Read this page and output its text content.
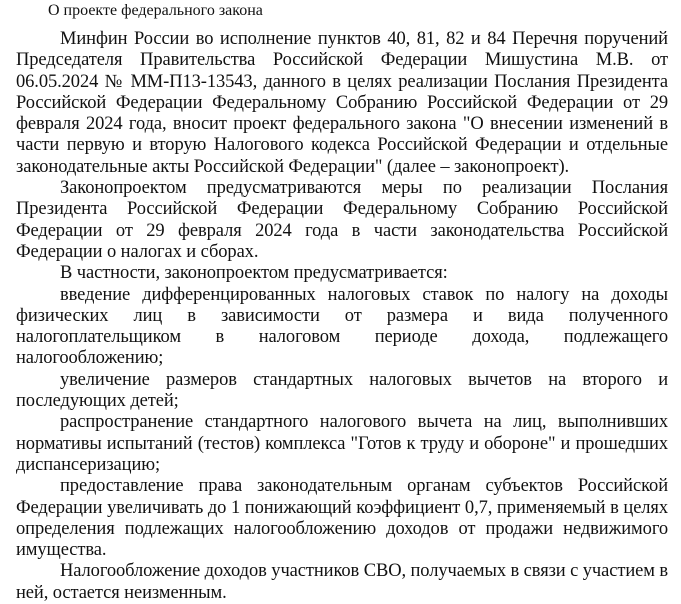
О проекте федерального закона

Минфин России во исполнение пунктов 40, 81, 82 и 84 Перечня поручений Председателя Правительства Российской Федерации Мишустина М.В. от 06.05.2024 № ММ-П13-13543, данного в целях реализации Послания Президента Российской Федерации Федеральному Собранию Российской Федерации от 29 февраля 2024 года, вносит проект федерального закона "О внесении изменений в части первую и вторую Налогового кодекса Российской Федерации и отдельные законодательные акты Российской Федерации" (далее – законопроект).

Законопроектом предусматриваются меры по реализации Послания Президента Российской Федерации Федеральному Собранию Российской Федерации от 29 февраля 2024 года в части законодательства Российской Федерации о налогах и сборах.

В частности, законопроектом предусматривается:

введение дифференцированных налоговых ставок по налогу на доходы физических лиц в зависимости от размера и вида полученного налогоплательщиком в налоговом периоде дохода, подлежащего налогообложению;

увеличение размеров стандартных налоговых вычетов на второго и последующих детей;

распространение стандартного налогового вычета на лиц, выполнивших нормативы испытаний (тестов) комплекса "Готов к труду и обороне" и прошедших диспансеризацию;

предоставление права законодательным органам субъектов Российской Федерации увеличивать до 1 понижающий коэффициент 0,7, применяемый в целях определения подлежащих налогообложению доходов от продажи недвижимого имущества.

Налогообложение доходов участников СВО, получаемых в связи с участием в ней, остается неизменным.
